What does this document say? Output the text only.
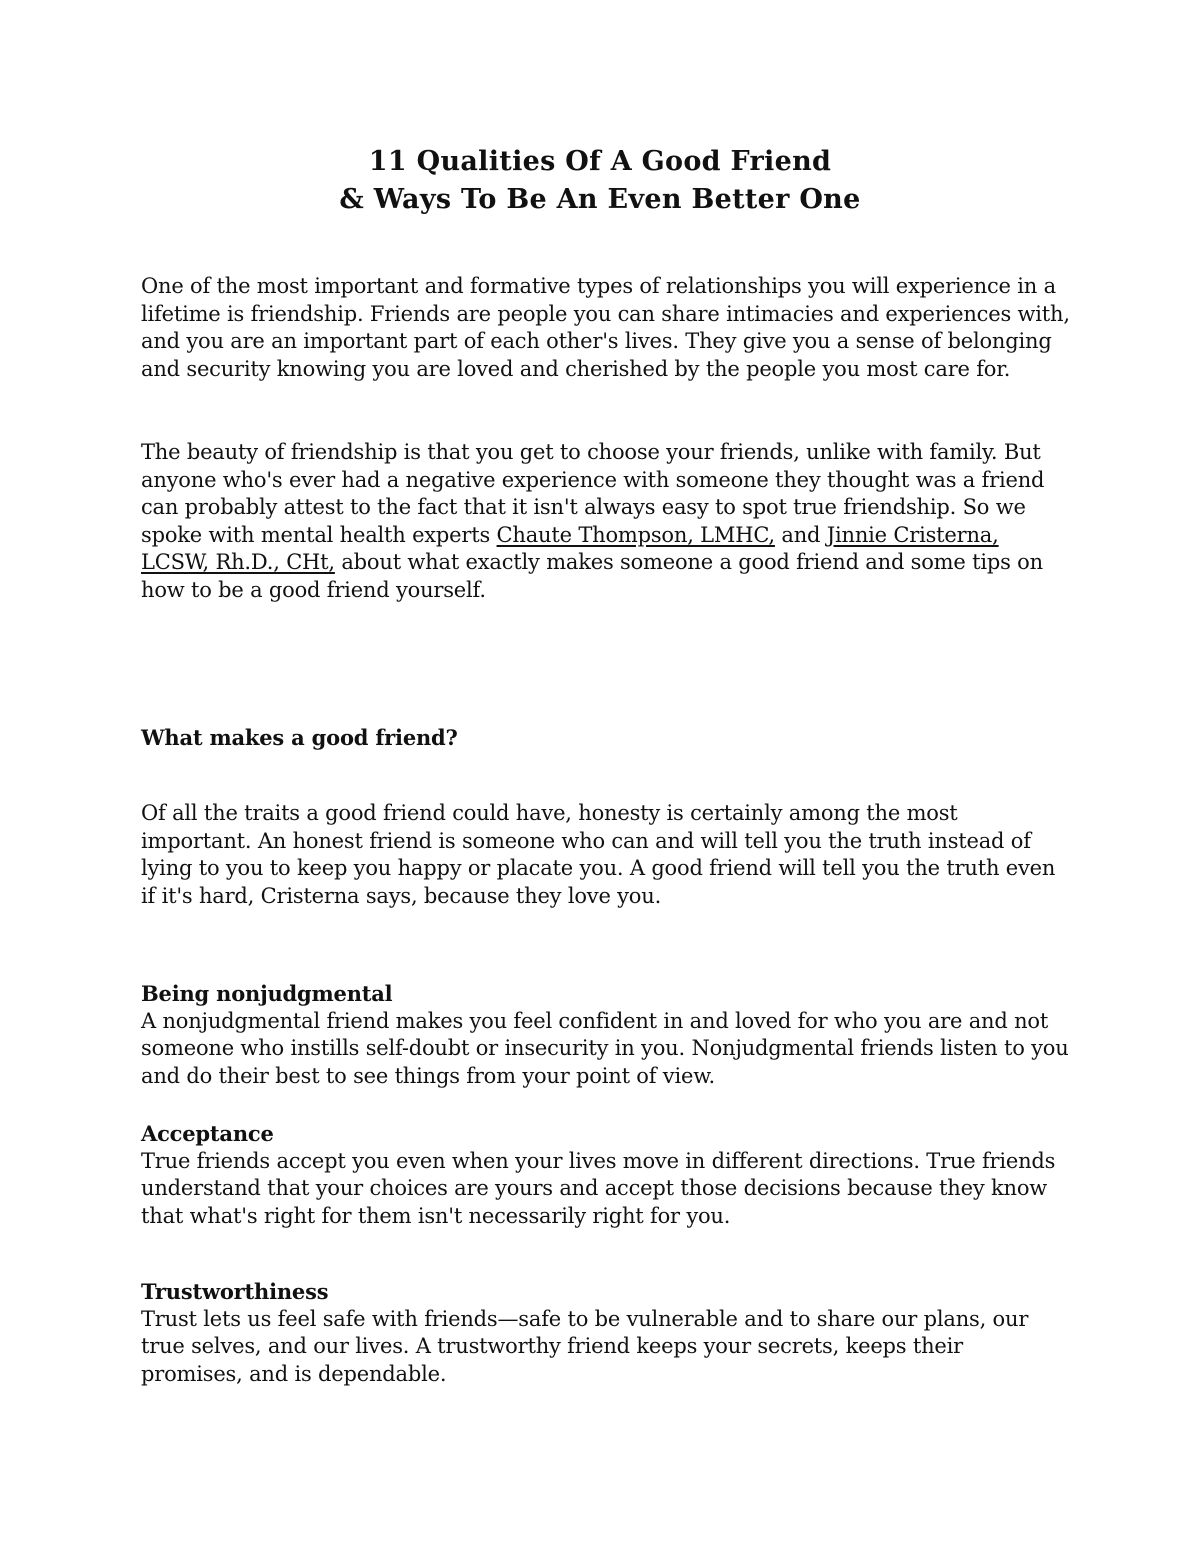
11 Qualities Of A Good Friend
& Ways To Be An Even Better One

One of the most important and formative types of relationships you will experience in a lifetime is friendship. Friends are people you can share intimacies and experiences with, and you are an important part of each other's lives. They give you a sense of belonging and security knowing you are loved and cherished by the people you most care for.

The beauty of friendship is that you get to choose your friends, unlike with family. But anyone who's ever had a negative experience with someone they thought was a friend can probably attest to the fact that it isn't always easy to spot true friendship. So we spoke with mental health experts Chaute Thompson, LMHC, and Jinnie Cristerna, LCSW, Rh.D., CHt, about what exactly makes someone a good friend and some tips on how to be a good friend yourself.

What makes a good friend?

Of all the traits a good friend could have, honesty is certainly among the most important. An honest friend is someone who can and will tell you the truth instead of lying to you to keep you happy or placate you. A good friend will tell you the truth even if it's hard, Cristerna says, because they love you.

Being nonjudgmental
A nonjudgmental friend makes you feel confident in and loved for who you are and not someone who instills self-doubt or insecurity in you. Nonjudgmental friends listen to you and do their best to see things from your point of view.
Acceptance
True friends accept you even when your lives move in different directions. True friends understand that your choices are yours and accept those decisions because they know that what's right for them isn't necessarily right for you.
Trustworthiness
Trust lets us feel safe with friends—safe to be vulnerable and to share our plans, our true selves, and our lives. A trustworthy friend keeps your secrets, keeps their promises, and is dependable.
